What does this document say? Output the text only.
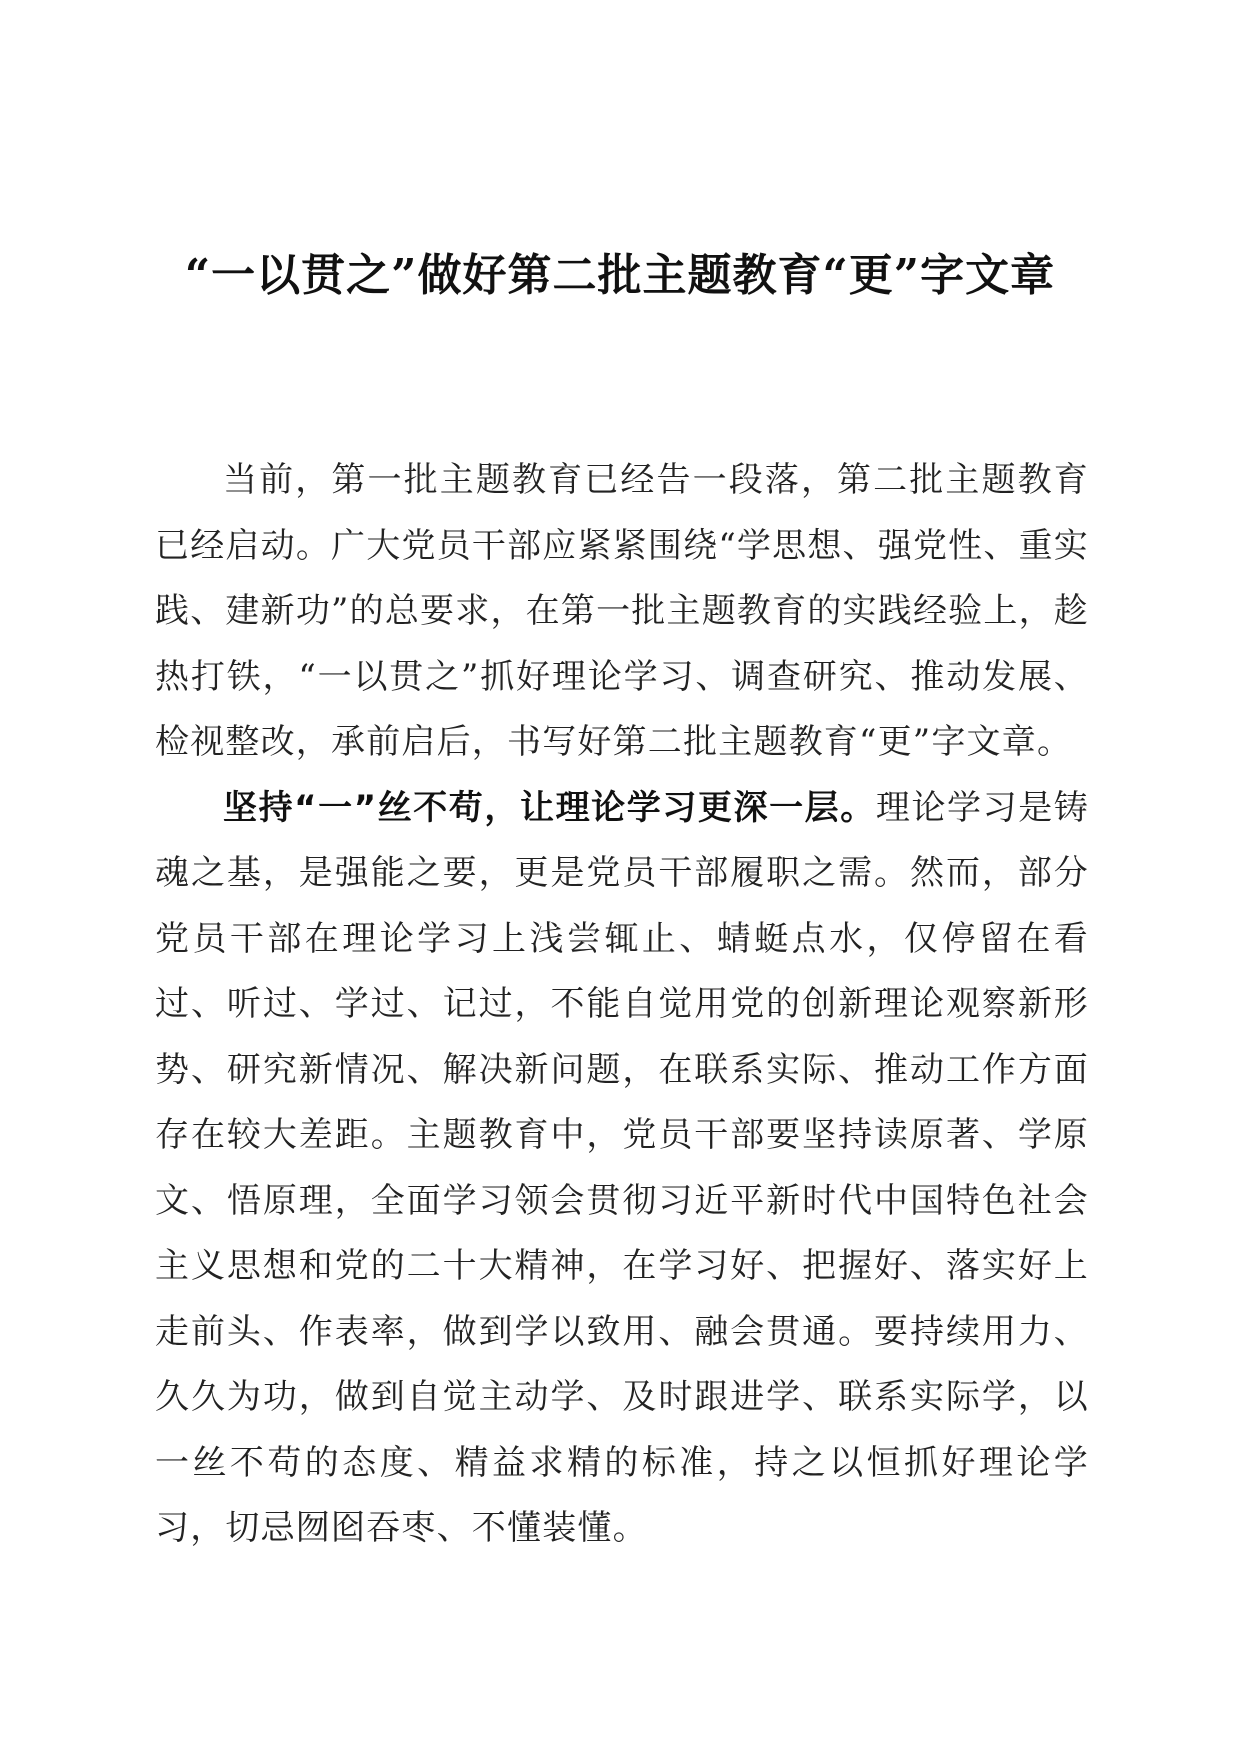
“一以贯之”做好第二批主题教育“更”字文章

当前，第一批主题教育已经告一段落，第二批主题教育已经启动。广大党员干部应紧紧围绕“学思想、强党性、重实践、建新功”的总要求，在第一批主题教育的实践经验上，趁热打铁，“一以贯之”抓好理论学习、调查研究、推动发展、检视整改，承前启后，书写好第二批主题教育“更”字文章。

坚持“一”丝不苟，让理论学习更深一层。理论学习是铸魂之基，是强能之要，更是党员干部履职之需。然而，部分党员干部在理论学习上浅尝辄止、蜻蜓点水，仅停留在看过、听过、学过、记过，不能自觉用党的创新理论观察新形势、研究新情况、解决新问题，在联系实际、推动工作方面存在较大差距。主题教育中，党员干部要坚持读原著、学原文、悟原理，全面学习领会贯彻习近平新时代中国特色社会主义思想和党的二十大精神，在学习好、把握好、落实好上走前头、作表率，做到学以致用、融会贯通。要持续用力、久久为功，做到自觉主动学、及时跟进学、联系实际学，以一丝不苟的态度、精益求精的标准，持之以恒抓好理论学习，切忌囫囵吞枣、不懂装懂。
